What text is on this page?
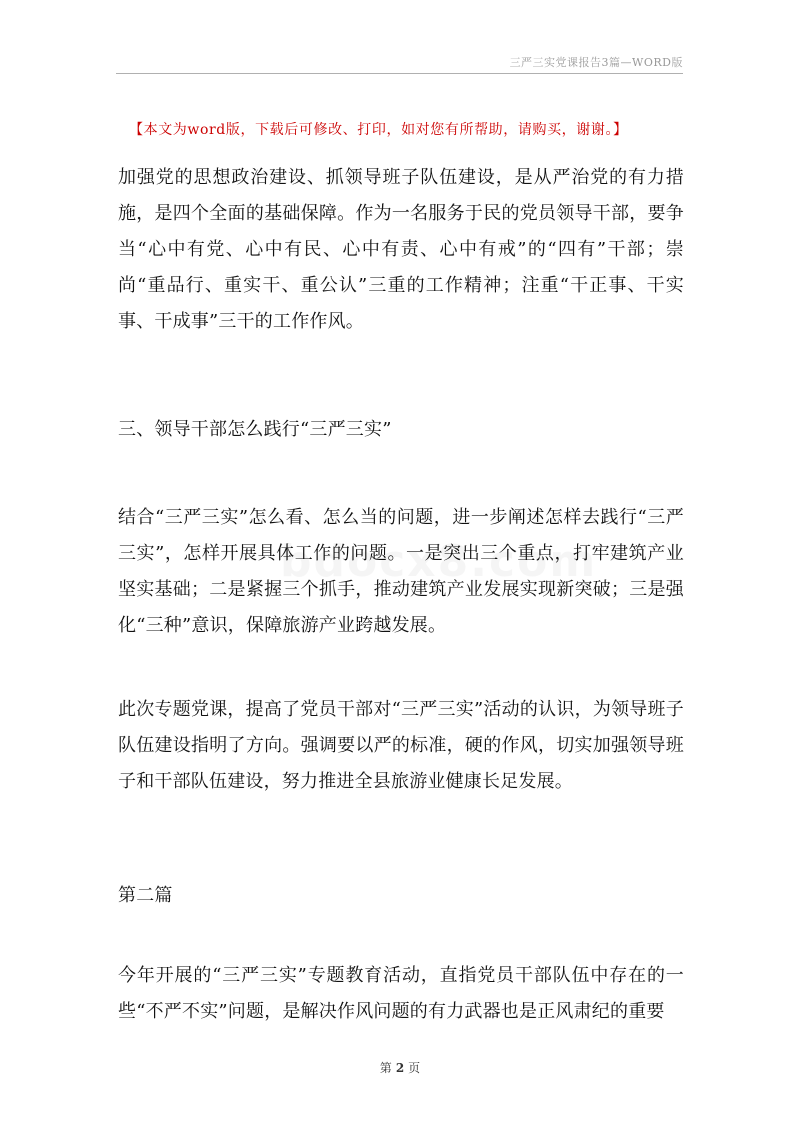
三严三实党课报告3篇—WORD版
【本文为word版，下载后可修改、打印，如对您有所帮助，请购买，谢谢。】

加强党的思想政治建设、抓领导班子队伍建设，是从严治党的有力措施，是四个全面的基础保障。作为一名服务于民的党员领导干部，要争当“心中有党、心中有民、心中有责、心中有戒”的“四有”干部；崇尚“重品行、重实干、重公认”三重的工作精神；注重“干正事、干实事、干成事”三干的工作作风。

三、领导干部怎么践行“三严三实”

结合“三严三实”怎么看、怎么当的问题，进一步阐述怎样去践行“三严三实”，怎样开展具体工作的问题。一是突出三个重点，打牢建筑产业坚实基础；二是紧握三个抓手，推动建筑产业发展实现新突破；三是强化“三种”意识，保障旅游产业跨越发展。

此次专题党课，提高了党员干部对“三严三实”活动的认识，为领导班子队伍建设指明了方向。强调要以严的标准，硬的作风，切实加强领导班子和干部队伍建设，努力推进全县旅游业健康长足发展。

第二篇

今年开展的“三严三实”专题教育活动，直指党员干部队伍中存在的一些“不严不实”问题，是解决作风问题的有力武器也是正风肃纪的重要

第 2 页
